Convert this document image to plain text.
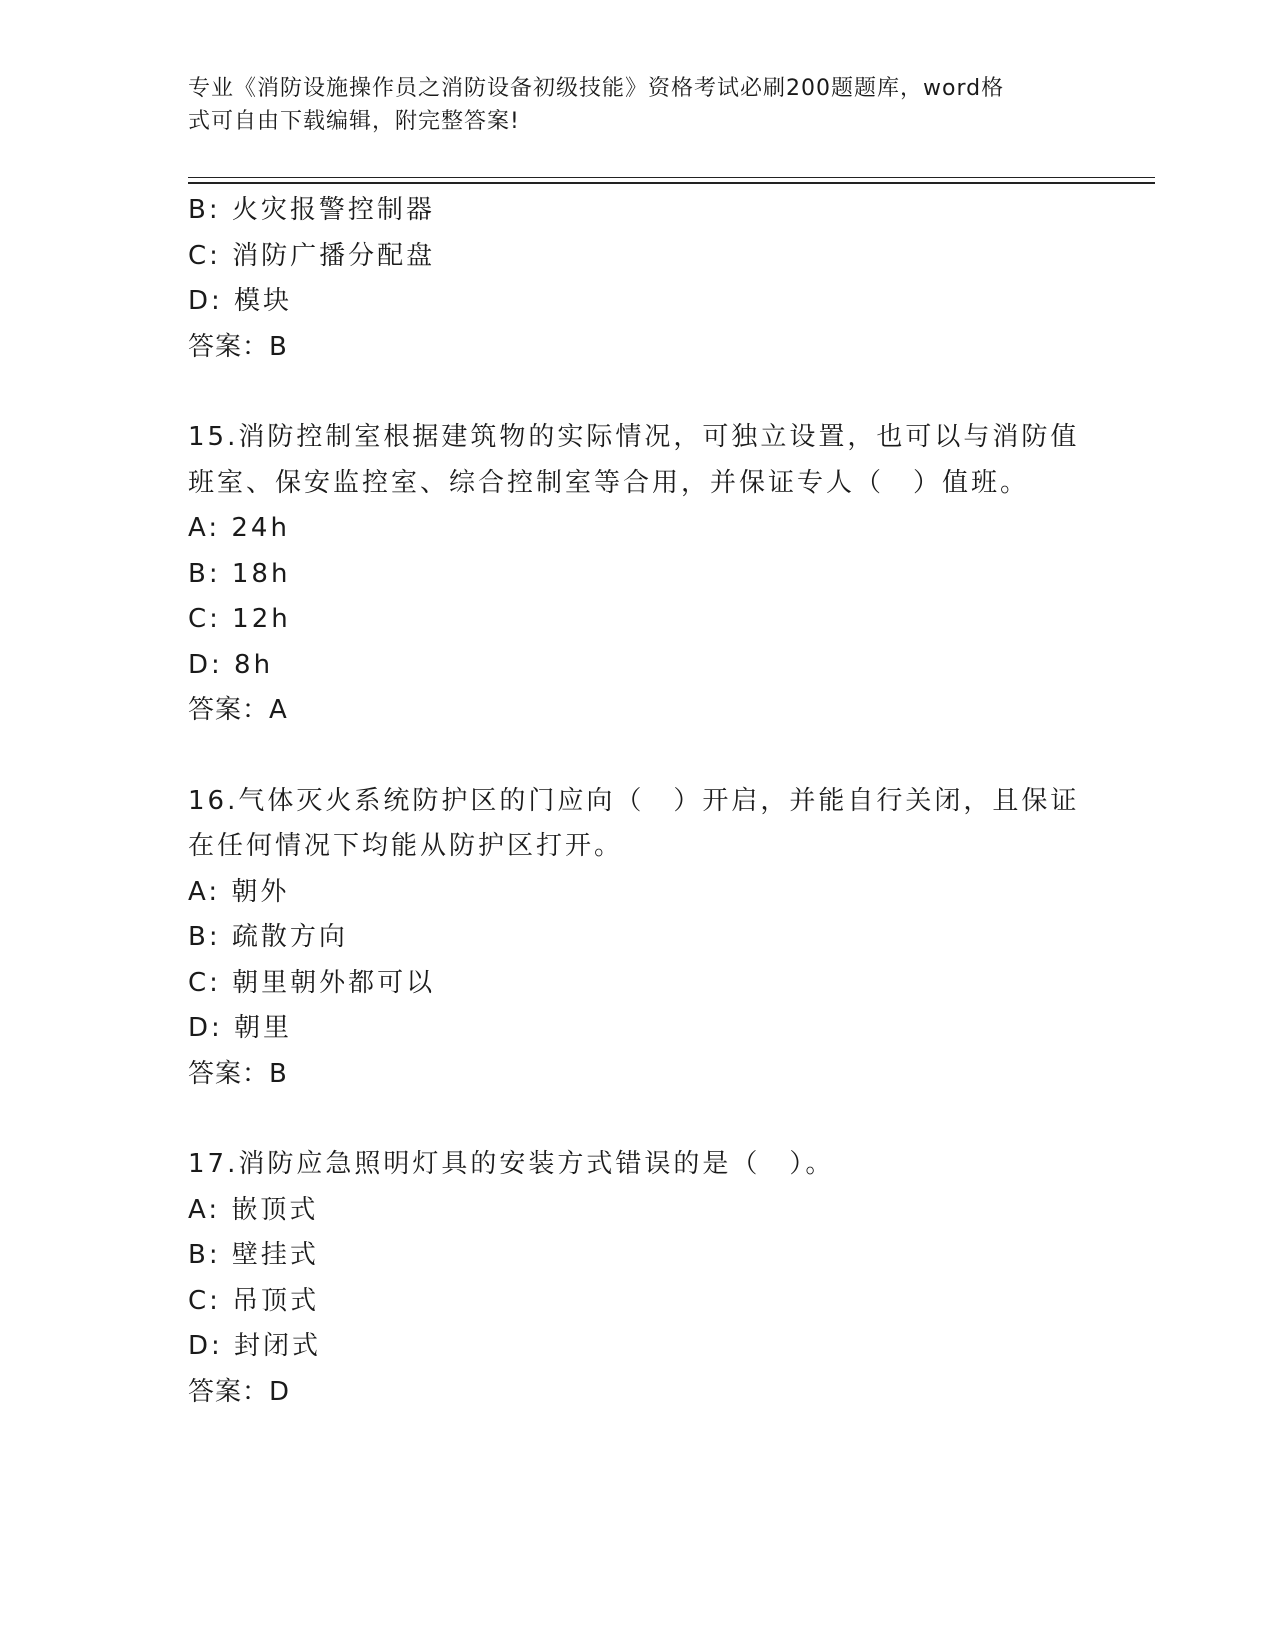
专业《消防设施操作员之消防设备初级技能》资格考试必刷200题题库，word格
式可自由下载编辑，附完整答案!
B: 火灾报警控制器
C: 消防广播分配盘
D: 模块
答案：B
15.消防控制室根据建筑物的实际情况，可独立设置，也可以与消防值
班室、保安监控室、综合控制室等合用，并保证专人（　）值班。
A: 24h
B: 18h
C: 12h
D: 8h
答案：A
16.气体灭火系统防护区的门应向（　）开启，并能自行关闭，且保证
在任何情况下均能从防护区打开。
A: 朝外
B: 疏散方向
C: 朝里朝外都可以
D: 朝里
答案：B
17.消防应急照明灯具的安装方式错误的是（　）。
A: 嵌顶式
B: 壁挂式
C: 吊顶式
D: 封闭式
答案：D
